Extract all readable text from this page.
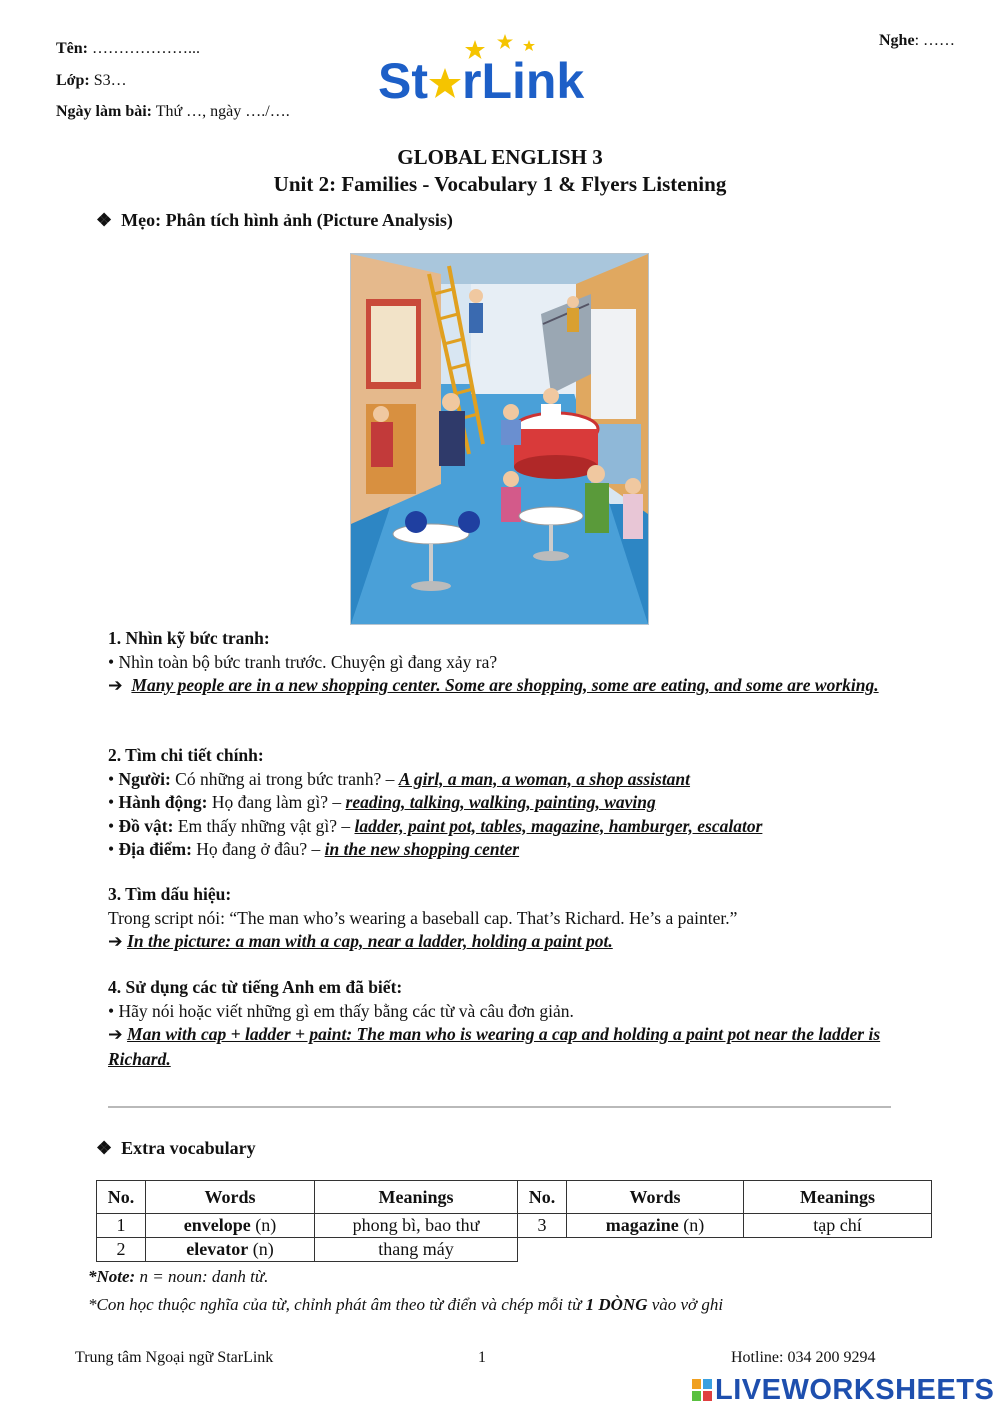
Tên: ………………...
Lớp: S3…
Ngày làm bài: Thứ …, ngày …./….
Nghe: ……
St rLink
GLOBAL ENGLISH 3
Unit 2: Families - Vocabulary 1 & Flyers Listening
❖ Mẹo: Phân tích hình ảnh (Picture Analysis)
1. Nhìn kỹ bức tranh:
• Nhìn toàn bộ bức tranh trước. Chuyện gì đang xảy ra?
➔ Many people are in a new shopping center. Some are shopping, some are eating, and some are working.
2. Tìm chi tiết chính:
• Người: Có những ai trong bức tranh? – A girl, a man, a woman, a shop assistant
• Hành động: Họ đang làm gì? – reading, talking, walking, painting, waving
• Đồ vật: Em thấy những vật gì? – ladder, paint pot, tables, magazine, hamburger, escalator
• Địa điểm: Họ đang ở đâu? – in the new shopping center
3. Tìm dấu hiệu:
Trong script nói: “The man who’s wearing a baseball cap. That’s Richard. He’s a painter.”
➔ In the picture: a man with a cap, near a ladder, holding a paint pot.
4. Sử dụng các từ tiếng Anh em đã biết:
• Hãy nói hoặc viết những gì em thấy bằng các từ và câu đơn giản.
➔ Man with cap + ladder + paint: The man who is wearing a cap and holding a paint pot near the ladder is Richard.
❖ Extra vocabulary
No.	Words	Meanings	No.	Words	Meanings
1	envelope (n)	phong bì, bao thư	3	magazine (n)	tạp chí
2	elevator (n)	thang máy			
*Note: n = noun: danh từ.
*Con học thuộc nghĩa của từ, chỉnh phát âm theo từ điển và chép mỗi từ 1 DÒNG vào vở ghi
Trung tâm Ngoại ngữ StarLink	1	Hotline: 034 200 9294
LIVEWORKSHEETS
